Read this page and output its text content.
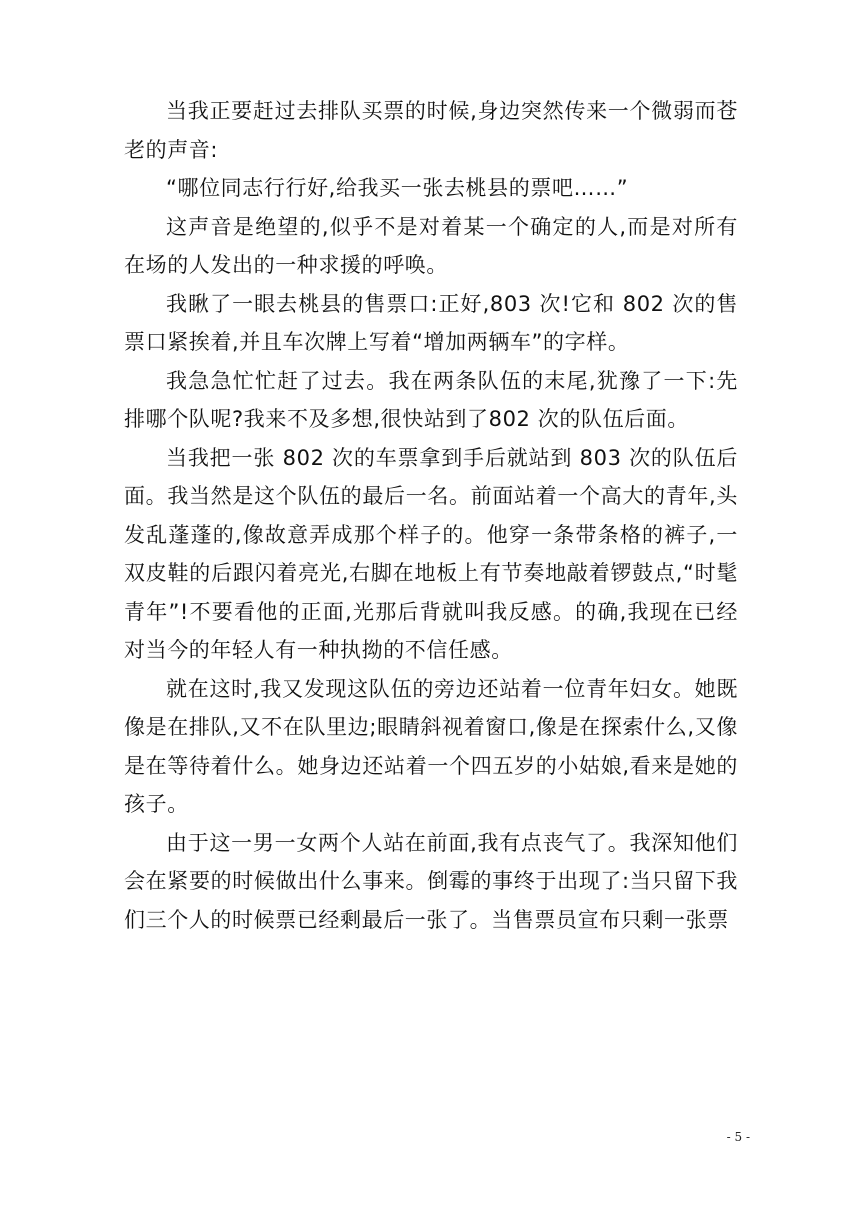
当我正要赶过去排队买票的时候,身边突然传来一个微弱而苍老的声音:

“哪位同志行行好,给我买一张去桃县的票吧……”

这声音是绝望的,似乎不是对着某一个确定的人,而是对所有在场的人发出的一种求援的呼唤。

我瞅了一眼去桃县的售票口:正好,803 次!它和 802 次的售票口紧挨着,并且车次牌上写着“增加两辆车”的字样。

我急急忙忙赶了过去。我在两条队伍的末尾,犹豫了一下:先排哪个队呢?我来不及多想,很快站到了802 次的队伍后面。

当我把一张 802 次的车票拿到手后就站到 803 次的队伍后面。我当然是这个队伍的最后一名。前面站着一个高大的青年,头发乱蓬蓬的,像故意弄成那个样子的。他穿一条带条格的裤子,一双皮鞋的后跟闪着亮光,右脚在地板上有节奏地敲着锣鼓点,“时髦青年”!不要看他的正面,光那后背就叫我反感。的确,我现在已经对当今的年轻人有一种执拗的不信任感。

就在这时,我又发现这队伍的旁边还站着一位青年妇女。她既像是在排队,又不在队里边;眼睛斜视着窗口,像是在探索什么,又像是在等待着什么。她身边还站着一个四五岁的小姑娘,看来是她的孩子。

由于这一男一女两个人站在前面,我有点丧气了。我深知他们会在紧要的时候做出什么事来。倒霉的事终于出现了:当只留下我们三个人的时候票已经剩最后一张了。当售票员宣布只剩一张票

- 5 -
